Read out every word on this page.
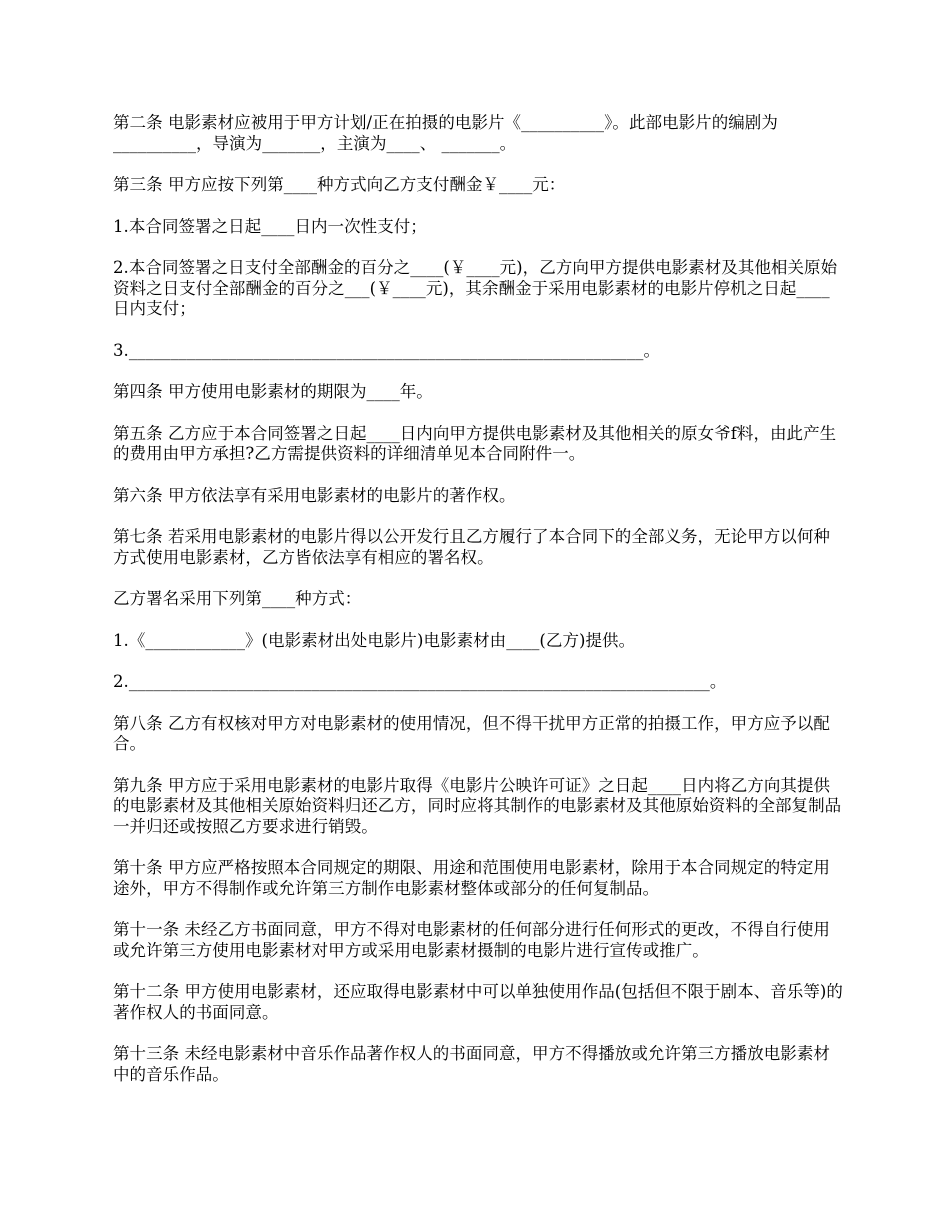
第二条 电影素材应被用于甲方计划/正在拍摄的电影片《__________》。此部电影片的编剧为__________，导演为_______，主演为____、 _______。

第三条 甲方应按下列第____种方式向乙方支付酬金￥____元：

1.本合同签署之日起____日内一次性支付；

2.本合同签署之日支付全部酬金的百分之____(￥____元)，乙方向甲方提供电影素材及其他相关原始资料之日支付全部酬金的百分之___(￥____元)，其余酬金于采用电影素材的电影片停机之日起____日内支付；

3.______________________________________________________________。

第四条 甲方使用电影素材的期限为____年。

第五条 乙方应于本合同签署之日起____日内向甲方提供电影素材及其他相关的原女爷f料，由此产生的费用由甲方承担?乙方需提供资料的详细清单见本合同附件一。

第六条 甲方依法享有采用电影素材的电影片的著作权。

第七条 若采用电影素材的电影片得以公开发行且乙方履行了本合同下的全部义务，无论甲方以何种方式使用电影素材，乙方皆依法享有相应的署名权。

乙方署名采用下列第____种方式：

1.《____________》(电影素材出处电影片)电影素材由____(乙方)提供。

2.______________________________________________________________________。

第八条 乙方有权核对甲方对电影素材的使用情况，但不得干扰甲方正常的拍摄工作，甲方应予以配合。

第九条 甲方应于采用电影素材的电影片取得《电影片公映许可证》之日起____日内将乙方向其提供的电影素材及其他相关原始资料归还乙方，同时应将其制作的电影素材及其他原始资料的全部复制品一并归还或按照乙方要求进行销毁。

第十条 甲方应严格按照本合同规定的期限、用途和范围使用电影素材，除用于本合同规定的特定用途外，甲方不得制作或允许第三方制作电影素材整体或部分的任何复制品。

第十一条 未经乙方书面同意，甲方不得对电影素材的任何部分进行任何形式的更改，不得自行使用或允许第三方使用电影素材对甲方或采用电影素材摄制的电影片进行宣传或推广。

第十二条 甲方使用电影素材，还应取得电影素材中可以单独使用作品(包括但不限于剧本、音乐等)的著作权人的书面同意。

第十三条 未经电影素材中音乐作品著作权人的书面同意，甲方不得播放或允许第三方播放电影素材中的音乐作品。
